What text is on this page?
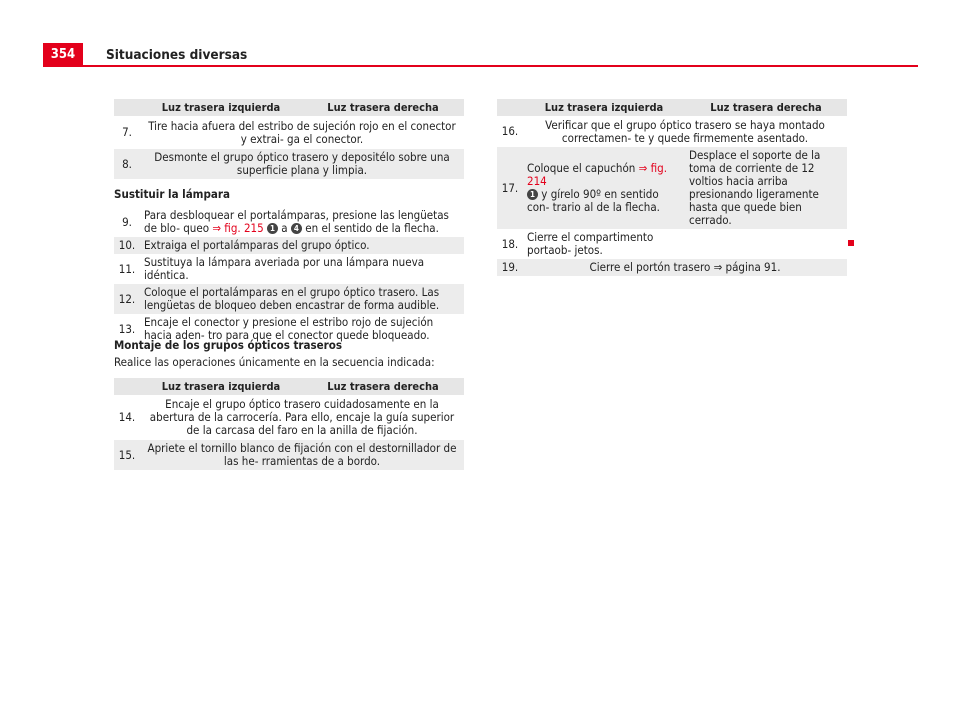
354	Situaciones diversas
	Luz trasera izquierda	Luz trasera derecha
7.	Tire hacia afuera del estribo de sujeción rojo en el conector y extrai- ga el conector.	
8.	Desmonte el grupo óptico trasero y depositélo sobre una superficie plana y limpia.	
Sustituir la lámpara
9.	Para desbloquear el portalámparas, presione las lengüetas de blo- queo ⇒ fig. 215 1 a 4 en el sentido de la flecha.
10.	Extraiga el portalámparas del grupo óptico.
11.	Sustituya la lámpara averiada por una lámpara nueva idéntica.
12.	Coloque el portalámparas en el grupo óptico trasero. Las lengüetas de bloqueo deben encastrar de forma audible.
13.	Encaje el conector y presione el estribo rojo de sujeción hacia aden- tro para que el conector quede bloqueado.
Montaje de los grupos ópticos traseros
Realice las operaciones únicamente en la secuencia indicada:
	Luz trasera izquierda	Luz trasera derecha
14.	Encaje el grupo óptico trasero cuidadosamente en la abertura de la carrocería. Para ello, encaje la guía superior de la carcasa del faro en la anilla de fijación.	
15.	Apriete el tornillo blanco de fijación con el destornillador de las he- rramientas de a bordo.	
	Luz trasera izquierda	Luz trasera derecha
16.	Verificar que el grupo óptico trasero se haya montado correctamen- te y quede firmemente asentado.	
17.	Coloque el capuchón ⇒ fig. 214
1 y gírelo 90º en sentido con- trario al de la flecha.	Desplace el soporte de la toma de corriente de 12 voltios hacia arriba presionando ligeramente hasta que quede bien cerrado.
18.	Cierre el compartimento portaob- jetos.	
19.	Cierre el portón trasero ⇒ página 91.	
